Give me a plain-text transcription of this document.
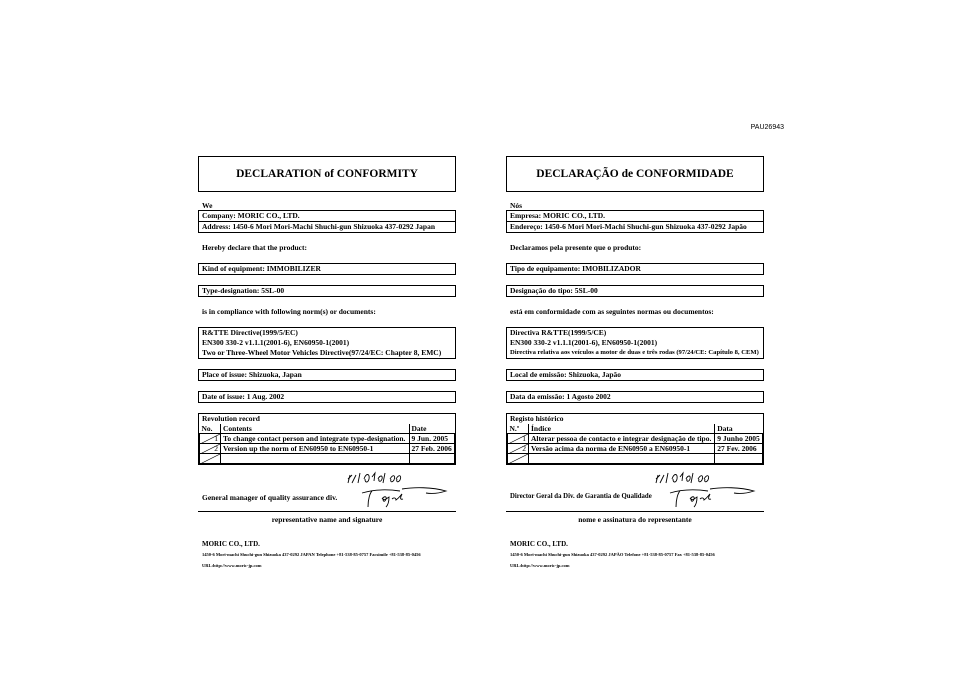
PAU26943
DECLARATION of CONFORMITY
We
Company: MORIC CO., LTD.
Address: 1450-6 Mori Mori-Machi Shuchi-gun Shizuoka 437-0292 Japan
Hereby declare that the product:
Kind of equipment: IMMOBILIZER
Type-designation: 5SL-00
is in compliance with following norm(s) or documents:
R&TTE Directive(1999/5/EC)
EN300 330-2 v1.1.1(2001-6), EN60950-1(2001)
Two or Three-Wheel Motor Vehicles Directive(97/24/EC: Chapter 8, EMC)
Place of issue: Shizuoka, Japan
Date of issue: 1 Aug. 2002
Revolution record
No.	Contents	Date

1	To change contact person and integrate type-designation.	9 Jun. 2005

2	Version up the norm of EN60950 to EN60950-1	27 Feb. 2006

General manager of quality assurance div.
representative name and signature
MORIC CO., LTD.
1450-6 Mori-machi Shuchi-gun Shizuoka 437-0292 JAPAN Telephone +81-538-85-0757 Facsimile +81-538-85-0456
URL:http://www.moric-jp.com
DECLARAÇÃO de CONFORMIDADE
Nós
Empresa: MORIC CO., LTD.
Endereço: 1450-6 Mori Mori-Machi Shuchi-gun Shizuoka 437-0292 Japão
Declaramos pela presente que o produto:
Tipo de equipamento: IMOBILIZADOR
Designação do tipo: 5SL-00
está em conformidade com as seguintes normas ou documentos:
Directiva R&TTE(1999/5/CE)
EN300 330-2 v1.1.1(2001-6), EN60950-1(2001)
Directiva relativa aos veículos a motor de duas e três rodas (97/24/CE: Capítulo 8, CEM)
Local de emissão: Shizuoka, Japão
Data da emissão: 1 Agosto 2002
Registo histórico
N.º	Índice	Data

1	Alterar pessoa de contacto e integrar designação de tipo.	9 Junho 2005

2	Versão acima da norma de EN60950 a EN60950-1	27 Fev. 2006

Director Geral da Div. de Garantia de Qualidade
nome e assinatura do representante
MORIC CO., LTD.
1450-6 Mori-machi Shuchi-gun Shizuoka 437-0292 JAPÃO Telefone +81-538-85-0757 Fax +81-538-85-0456
URL:http://www.moric-jp.com
